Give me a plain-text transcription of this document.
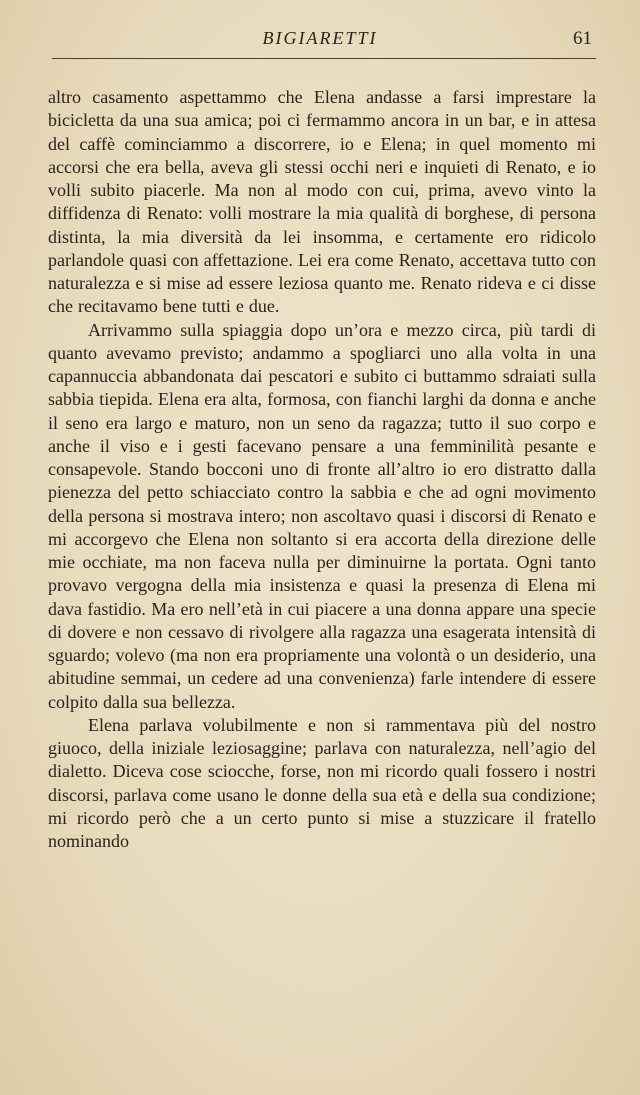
BIGIARETTI	61

altro casamento aspettammo che Elena andasse a farsi imprestare la bicicletta da una sua amica; poi ci fermammo ancora in un bar, e in attesa del caffè cominciammo a discorrere, io e Elena; in quel momento mi accorsi che era bella, aveva gli stessi occhi neri e inquieti di Renato, e io volli subito piacerle. Ma non al modo con cui, prima, avevo vinto la diffidenza di Renato: volli mostrare la mia qualità di borghese, di persona distinta, la mia diversità da lei insomma, e certamente ero ridicolo parlandole quasi con affettazione. Lei era come Renato, accettava tutto con naturalezza e si mise ad essere leziosa quanto me. Renato rideva e ci disse che recitavamo bene tutti e due.

Arrivammo sulla spiaggia dopo un’ora e mezzo circa, più tardi di quanto avevamo previsto; andammo a spogliarci uno alla volta in una capannuccia abbandonata dai pescatori e subito ci buttammo sdraiati sulla sabbia tiepida. Elena era alta, formosa, con fianchi larghi da donna e anche il seno era largo e maturo, non un seno da ragazza; tutto il suo corpo e anche il viso e i gesti facevano pensare a una femminilità pesante e consapevole. Stando bocconi uno di fronte all’altro io ero distratto dalla pienezza del petto schiacciato contro la sabbia e che ad ogni movimento della persona si mostrava intero; non ascoltavo quasi i discorsi di Renato e mi accorgevo che Elena non soltanto si era accorta della direzione delle mie occhiate, ma non faceva nulla per diminuirne la portata. Ogni tanto provavo vergogna della mia insistenza e quasi la presenza di Elena mi dava fastidio. Ma ero nell’età in cui piacere a una donna appare una specie di dovere e non cessavo di rivolgere alla ragazza una esagerata intensità di sguardo; volevo (ma non era propriamente una volontà o un desiderio, una abitudine semmai, un cedere ad una convenienza) farle intendere di essere colpito dalla sua bellezza.

Elena parlava volubilmente e non si rammentava più del nostro giuoco, della iniziale leziosaggine; parlava con naturalezza, nell’agio del dialetto. Diceva cose sciocche, forse, non mi ricordo quali fossero i nostri discorsi, parlava come usano le donne della sua età e della sua condizione; mi ricordo però che a un certo punto si mise a stuzzicare il fratello nominando
